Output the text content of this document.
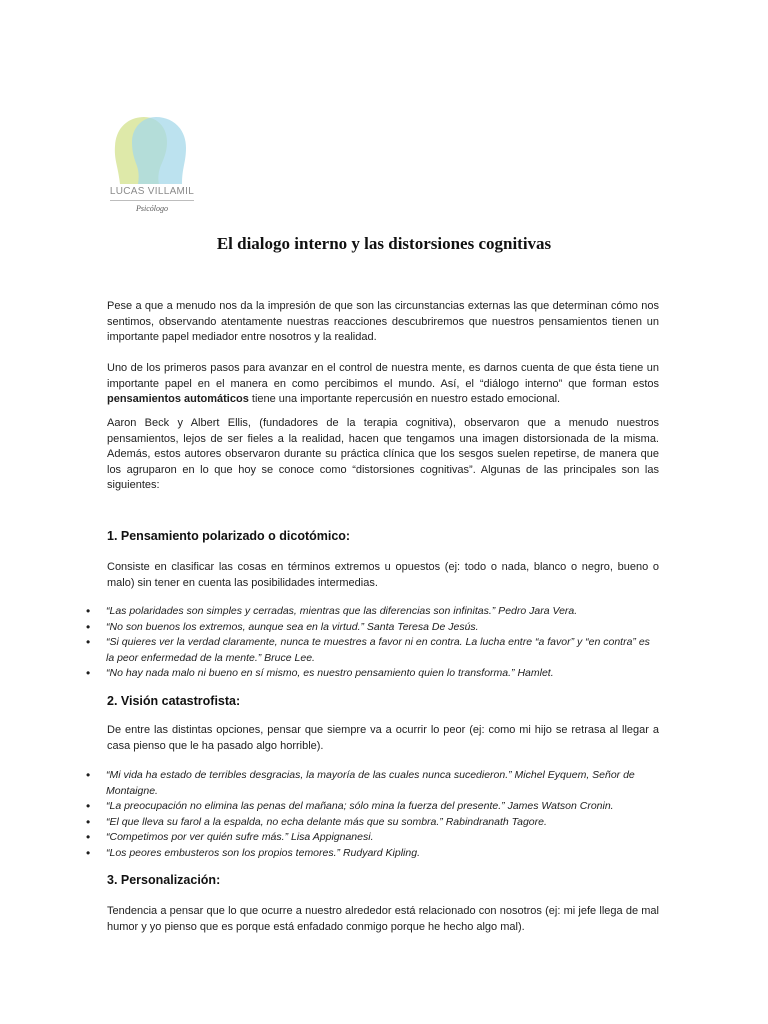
LUCAS VILLAMIL
Psicólogo
El dialogo interno y las distorsiones cognitivas
Pese a que a menudo nos da la impresión de que son las circunstancias externas las que determinan cómo nos sentimos, observando atentamente nuestras reacciones descubriremos que nuestros pensamientos tienen un importante papel mediador entre nosotros y la realidad.
Uno de los primeros pasos para avanzar en el control de nuestra mente, es darnos cuenta de que ésta tiene un importante papel en el manera en como percibimos el mundo. Así, el “diálogo interno” que forman estos pensamientos automáticos tiene una importante repercusión en nuestro estado emocional.
Aaron Beck y Albert Ellis, (fundadores de la terapia cognitiva), observaron que a menudo nuestros pensamientos, lejos de ser fieles a la realidad, hacen que tengamos una imagen distorsionada de la misma. Además, estos autores observaron durante su práctica clínica que los sesgos suelen repetirse, de manera que los agruparon en lo que hoy se conoce como “distorsiones cognitivas”. Algunas de las principales son las siguientes:
1. Pensamiento polarizado o dicotómico:
Consiste en clasificar las cosas en términos extremos u opuestos (ej: todo o nada, blanco o negro, bueno o malo) sin tener en cuenta las posibilidades intermedias.
• “Las polaridades son simples y cerradas, mientras que las diferencias son infinitas.” Pedro Jara Vera.
• “No son buenos los extremos, aunque sea en la virtud.” Santa Teresa De Jesús.
• “Si quieres ver la verdad claramente, nunca te muestres a favor ni en contra. La lucha entre “a favor” y “en contra” es la peor enfermedad de la mente.” Bruce Lee.
• “No hay nada malo ni bueno en sí mismo, es nuestro pensamiento quien lo transforma.” Hamlet.
2. Visión catastrofista:
De entre las distintas opciones, pensar que siempre va a ocurrir lo peor (ej: como mi hijo se retrasa al llegar a casa pienso que le ha pasado algo horrible).
• “Mi vida ha estado de terribles desgracias, la mayoría de las cuales nunca sucedieron.” Michel Eyquem, Señor de Montaigne.
• “La preocupación no elimina las penas del mañana; sólo mina la fuerza del presente.” James Watson Cronin.
• “El que lleva su farol a la espalda, no echa delante más que su sombra.” Rabindranath Tagore.
• “Competimos por ver quién sufre más.” Lisa Appignanesi.
• “Los peores embusteros son los propios temores.” Rudyard Kipling.
3. Personalización:
Tendencia a pensar que lo que ocurre a nuestro alrededor está relacionado con nosotros (ej: mi jefe llega de mal humor y yo pienso que es porque está enfadado conmigo porque he hecho algo mal).
